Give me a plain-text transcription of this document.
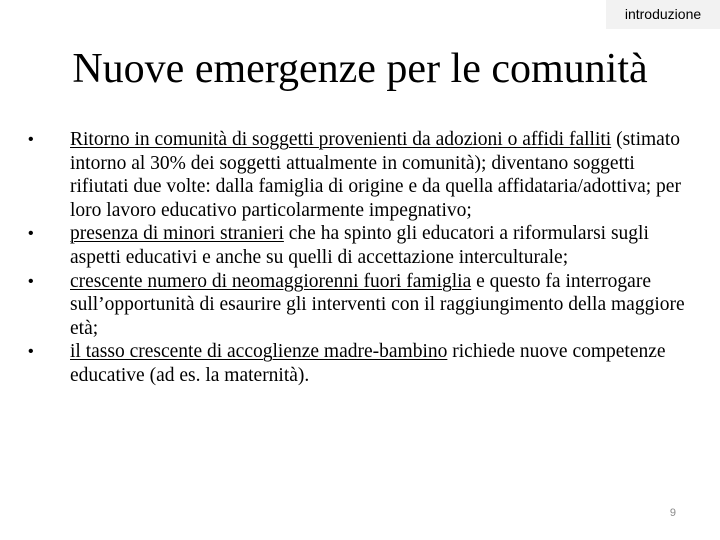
introduzione
Nuove emergenze per le comunità
•	Ritorno in comunità di soggetti provenienti da adozioni o affidi falliti (stimato intorno al 30% dei soggetti attualmente in comunità); diventano soggetti rifiutati due volte: dalla famiglia di origine e da quella affidataria/adottiva; per loro lavoro educativo particolarmente impegnativo;
•	presenza di minori stranieri che ha spinto gli educatori a riformularsi sugli aspetti educativi e anche su quelli di accettazione interculturale;
•	crescente numero di neomaggiorenni fuori famiglia e questo fa interrogare sull’opportunità di esaurire gli interventi con il raggiungimento della maggiore età;
•	il tasso crescente di accoglienze madre-bambino richiede nuove competenze educative (ad es. la maternità).
9
